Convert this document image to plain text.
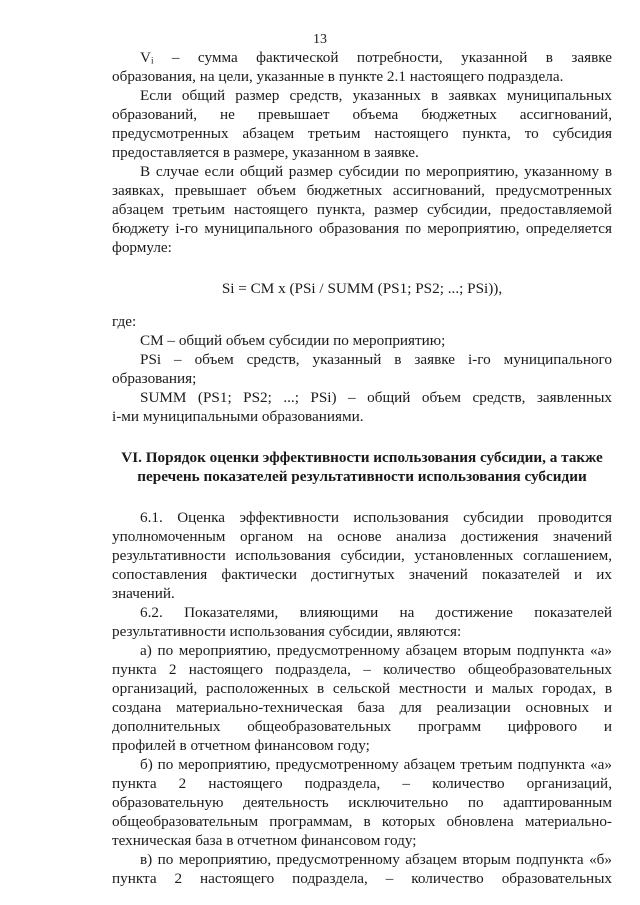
13
Vᵢ – сумма фактической потребности, указанной в заявке
образования, на цели, указанные в пункте 2.1 настоящего подраздела.
Если общий размер средств, указанных в заявках муниципальных
образований, не превышает объема бюджетных ассигнований,
предусмотренных абзацем третьим настоящего пункта, то субсидия
предоставляется в размере, указанном в заявке.
В случае если общий размер субсидии по мероприятию, указанному в
заявках, превышает объем бюджетных ассигнований, предусмотренных
абзацем третьим настоящего пункта, размер субсидии, предоставляемой
бюджету i-го муниципального образования по мероприятию, определяется
формуле:
Si = CM x (PSi / SUMM (PS1; PS2; ...; PSi)),
где:
CM – общий объем субсидии по мероприятию;
PSi – объем средств, указанный в заявке i-го муниципального
образования;
SUMM (PS1; PS2; ...; PSi) – общий объем средств, заявленных
i-ми муниципальными образованиями.
VI. Порядок оценки эффективности использования субсидии, а также
перечень показателей результативности использования субсидии
6.1. Оценка эффективности использования субсидии проводится
уполномоченным органом на основе анализа достижения значений
результативности использования субсидии, установленных соглашением,
сопоставления фактически достигнутых значений показателей и их
значений.
6.2. Показателями, влияющими на достижение показателей
результативности использования субсидии, являются:
а) по мероприятию, предусмотренному абзацем вторым подпункта «а»
пункта 2 настоящего подраздела, – количество общеобразовательных
организаций, расположенных в сельской местности и малых городах, в
создана материально-техническая база для реализации основных и
дополнительных общеобразовательных программ цифрового и
профилей в отчетном финансовом году;
б) по мероприятию, предусмотренному абзацем третьим подпункта «а»
пункта 2 настоящего подраздела, – количество организаций,
образовательную деятельность исключительно по адаптированным
общеобразовательным программам, в которых обновлена материально-
техническая база в отчетном финансовом году;
в) по мероприятию, предусмотренному абзацем вторым подпункта «б»
пункта 2 настоящего подраздела, – количество образовательных
